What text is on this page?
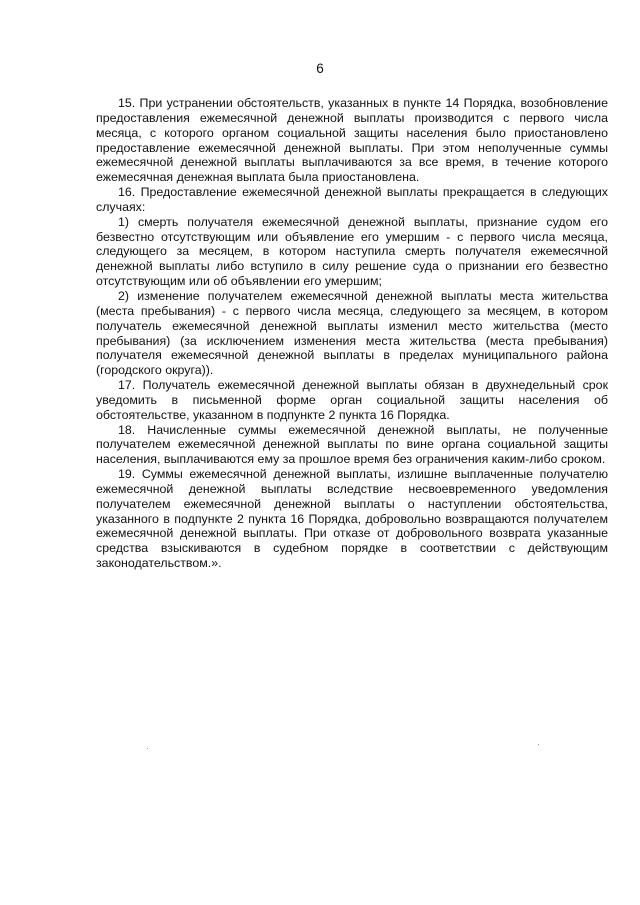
6

15. При устранении обстоятельств, указанных в пункте 14 Порядка, возобновление предоставления ежемесячной денежной выплаты производится с первого числа месяца, с которого органом социальной защиты населения было приостановлено предоставление ежемесячной денежной выплаты. При этом неполученные суммы ежемесячной денежной выплаты выплачиваются за все время, в течение которого ежемесячная денежная выплата была приостановлена.

16. Предоставление ежемесячной денежной выплаты прекращается в следующих случаях:

1) смерть получателя ежемесячной денежной выплаты, признание судом его безвестно отсутствующим или объявление его умершим - с первого числа месяца, следующего за месяцем, в котором наступила смерть получателя ежемесячной денежной выплаты либо вступило в силу решение суда о признании его безвестно отсутствующим или об объявлении его умершим;

2) изменение получателем ежемесячной денежной выплаты места жительства (места пребывания) - с первого числа месяца, следующего за месяцем, в котором получатель ежемесячной денежной выплаты изменил место жительства (место пребывания) (за исключением изменения места жительства (места пребывания) получателя ежемесячной денежной выплаты в пределах муниципального района (городского округа)).

17. Получатель ежемесячной денежной выплаты обязан в двухнедельный срок уведомить в письменной форме орган социальной защиты населения об обстоятельстве, указанном в подпункте 2 пункта 16 Порядка.

18. Начисленные суммы ежемесячной денежной выплаты, не полученные получателем ежемесячной денежной выплаты по вине органа социальной защиты населения, выплачиваются ему за прошлое время без ограничения каким-либо сроком.

19. Суммы ежемесячной денежной выплаты, излишне выплаченные получателю ежемесячной денежной выплаты вследствие несвоевременного уведомления получателем ежемесячной денежной выплаты о наступлении обстоятельства, указанного в подпункте 2 пункта 16 Порядка, добровольно возвращаются получателем ежемесячной денежной выплаты. При отказе от добровольного возврата указанные средства взыскиваются в судебном порядке в соответствии с действующим законодательством.».
